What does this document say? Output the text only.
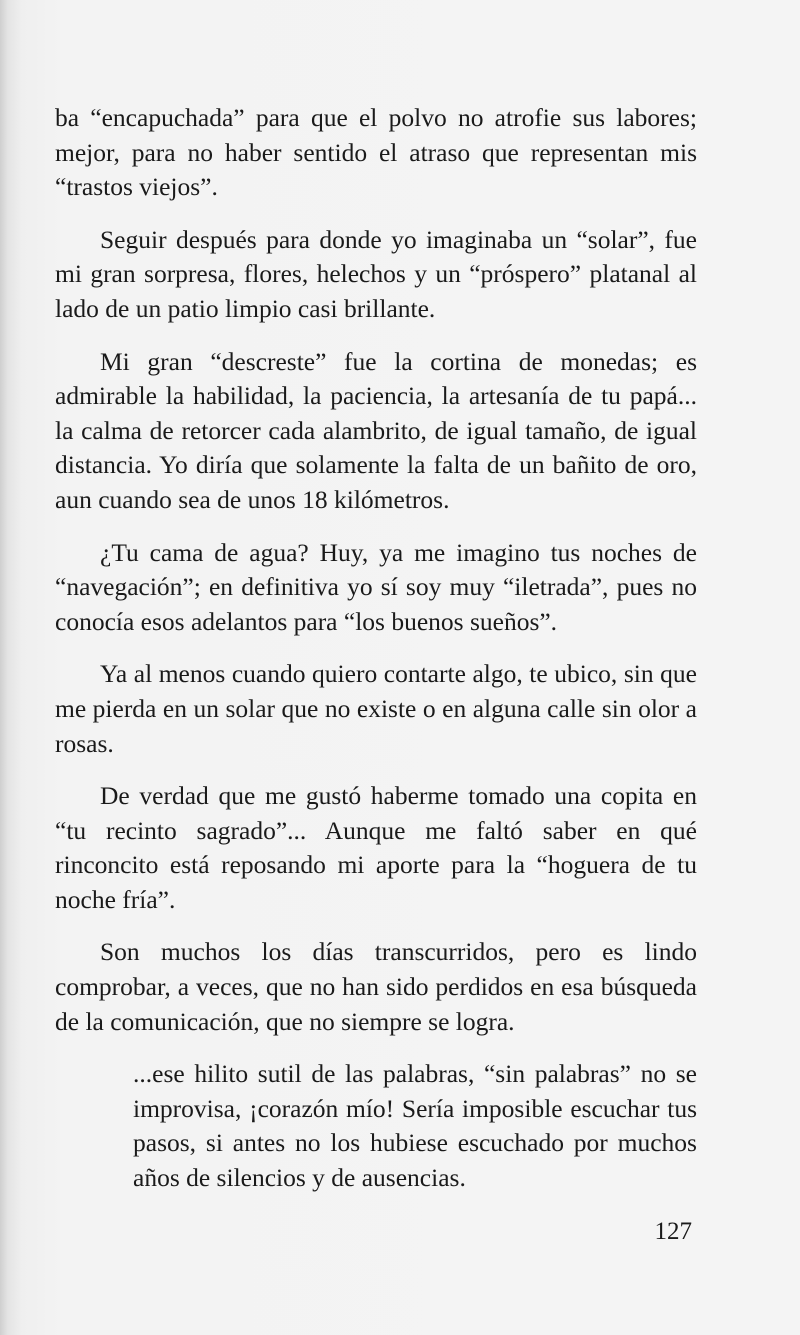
ba “encapuchada” para que el polvo no atrofie sus labores; mejor, para no haber sentido el atraso que representan mis “trastos viejos”.

Seguir después para donde yo imaginaba un “solar”, fue mi gran sorpresa, flores, helechos y un “próspero” platanal al lado de un patio limpio casi brillante.

Mi gran “descreste” fue la cortina de monedas; es admirable la habilidad, la paciencia, la artesanía de tu papá... la calma de retorcer cada alambrito, de igual tamaño, de igual distancia. Yo diría que solamente la falta de un bañito de oro, aun cuando sea de unos 18 kilómetros.

¿Tu cama de agua? Huy, ya me imagino tus noches de “navegación”; en definitiva yo sí soy muy “iletrada”, pues no conocía esos adelantos para “los buenos sueños”.

Ya al menos cuando quiero contarte algo, te ubico, sin que me pierda en un solar que no existe o en alguna calle sin olor a rosas.

De verdad que me gustó haberme tomado una copita en “tu recinto sagrado”... Aunque me faltó saber en qué rinconcito está reposando mi aporte para la “hoguera de tu noche fría”.

Son muchos los días transcurridos, pero es lindo comprobar, a veces, que no han sido perdidos en esa búsqueda de la comunicación, que no siempre se logra.

...ese hilito sutil de las palabras, “sin palabras” no se improvisa, ¡corazón mío! Sería imposible escuchar tus pasos, si antes no los hubiese escuchado por muchos años de silencios y de ausencias.

127
